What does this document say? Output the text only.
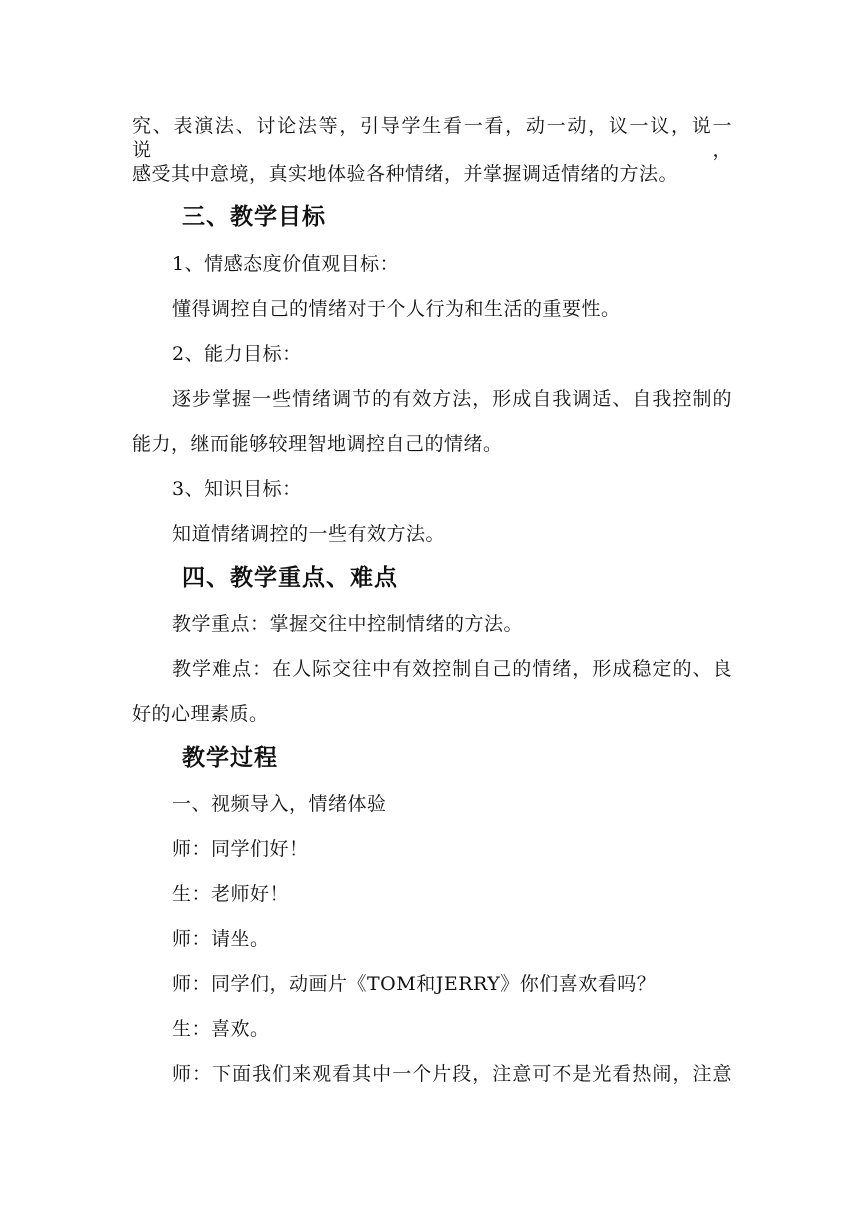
究、表演法、讨论法等，引导学生看一看，动一动，议一议，说一说，
感受其中意境，真实地体验各种情绪，并掌握调适情绪的方法。
三、教学目标
1、情感态度价值观目标：
懂得调控自己的情绪对于个人行为和生活的重要性。
2、能力目标：
逐步掌握一些情绪调节的有效方法，形成自我调适、自我控制的
能力，继而能够较理智地调控自己的情绪。
3、知识目标：
知道情绪调控的一些有效方法。
四、教学重点、难点
教学重点：掌握交往中控制情绪的方法。
教学难点：在人际交往中有效控制自己的情绪，形成稳定的、良
好的心理素质。
教学过程
一、视频导入，情绪体验
师：同学们好！
生：老师好！
师：请坐。
师：同学们，动画片《TOM和JERRY》你们喜欢看吗？
生：喜欢。
师：下面我们来观看其中一个片段，注意可不是光看热闹，注意
